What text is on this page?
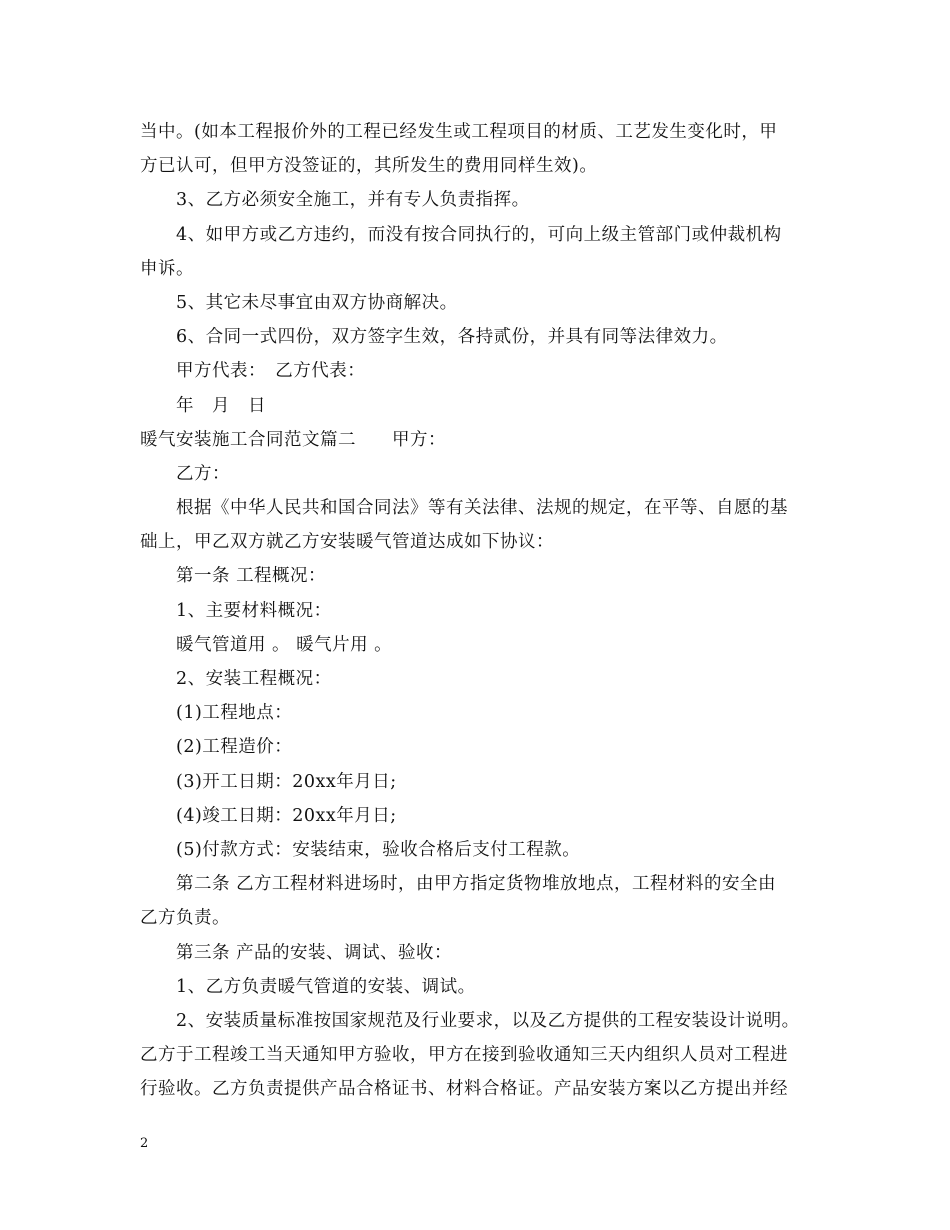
当中。(如本工程报价外的工程已经发生或工程项目的材质、工艺发生变化时，甲
方已认可，但甲方没签证的，其所发生的费用同样生效)。
3、乙方必须安全施工，并有专人负责指挥。
4、如甲方或乙方违约，而没有按合同执行的，可向上级主管部门或仲裁机构
申诉。
5、其它未尽事宜由双方协商解决。
6、合同一式四份，双方签字生效，各持贰份，并具有同等法律效力。
甲方代表：　乙方代表：
年　月　日
暖气安装施工合同范文篇二 甲方：
乙方：
根据《中华人民共和国合同法》等有关法律、法规的规定，在平等、自愿的基
础上，甲乙双方就乙方安装暖气管道达成如下协议：
第一条 工程概况：
1、主要材料概况：
暖气管道用 。 暖气片用 。
2、安装工程概况：
(1)工程地点：
(2)工程造价：
(3)开工日期：20xx年月日;
(4)竣工日期：20xx年月日;
(5)付款方式：安装结束，验收合格后支付工程款。
第二条 乙方工程材料进场时，由甲方指定货物堆放地点，工程材料的安全由
乙方负责。
第三条 产品的安装、调试、验收：
1、乙方负责暖气管道的安装、调试。
2、安装质量标准按国家规范及行业要求，以及乙方提供的工程安装设计说明。
乙方于工程竣工当天通知甲方验收，甲方在接到验收通知三天内组织人员对工程进
行验收。乙方负责提供产品合格证书、材料合格证。产品安装方案以乙方提出并经
2
